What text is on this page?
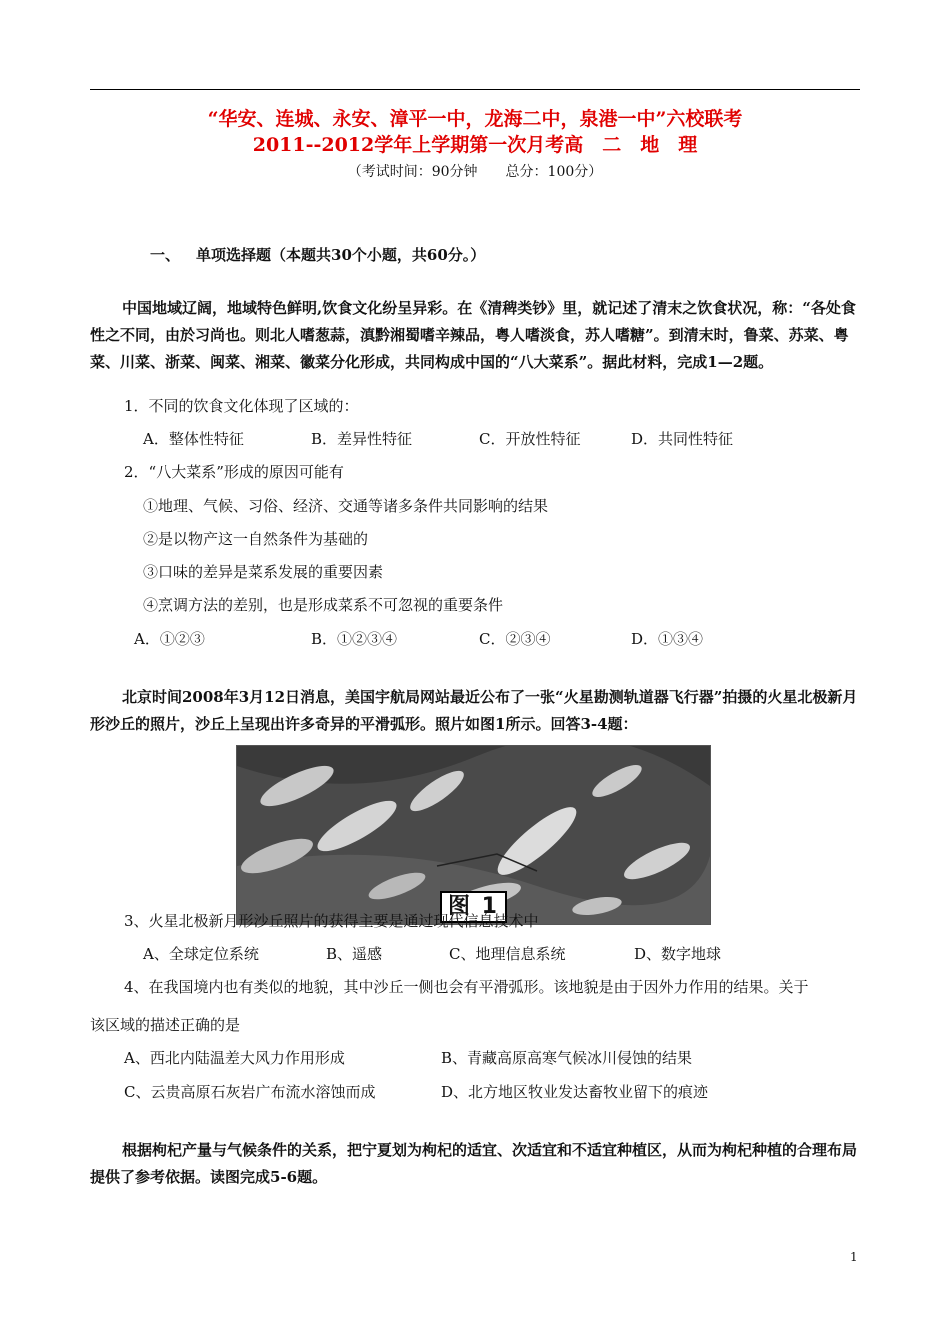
“华安、连城、永安、漳平一中，龙海二中，泉港一中”六校联考
2011--2012学年上学期第一次月考高　二　地　理
（考试时间：90分钟　　总分：100分）
一、 单项选择题（本题共30个小题，共60分。）
中国地域辽阔，地域特色鲜明,饮食文化纷呈异彩。在《清稗类钞》里，就记述了清末之饮食状况，称：“各处食性之不同，由於习尚也。则北人嗜葱蒜，滇黔湘蜀嗜辛辣品，粤人嗜淡食，苏人嗜糖”。到清末时，鲁菜、苏菜、粤菜、川菜、浙菜、闽菜、湘菜、徽菜分化形成，共同构成中国的“八大菜系”。据此材料，完成1—2题。
1．不同的饮食文化体现了区域的：
A．整体性特征	B．差异性特征	C．开放性特征	D．共同性特征
2．“八大菜系”形成的原因可能有
①地理、气候、习俗、经济、交通等诸多条件共同影响的结果
②是以物产这一自然条件为基础的
③口味的差异是菜系发展的重要因素
④烹调方法的差别，也是形成菜系不可忽视的重要条件
A．①②③	B．①②③④	C．②③④	D．①③④
北京时间2008年3月12日消息，美国宇航局网站最近公布了一张“火星勘测轨道器飞行器”拍摄的火星北极新月形沙丘的照片，沙丘上呈现出许多奇异的平滑弧形。照片如图1所示。回答3-4题：
图 1
3、火星北极新月形沙丘照片的获得主要是通过现代信息技术中
A、全球定位系统	B、遥感	C、地理信息系统	D、数字地球
4、在我国境内也有类似的地貌，其中沙丘一侧也会有平滑弧形。该地貌是由于因外力作用的结果。关于
该区域的描述正确的是
A、西北内陆温差大风力作用形成	B、青藏高原高寒气候冰川侵蚀的结果
C、云贵高原石灰岩广布流水溶蚀而成	D、北方地区牧业发达畜牧业留下的痕迹
根据枸杞产量与气候条件的关系，把宁夏划为枸杞的适宜、次适宜和不适宜种植区，从而为枸杞种植的合理布局提供了参考依据。读图完成5-6题。
1
